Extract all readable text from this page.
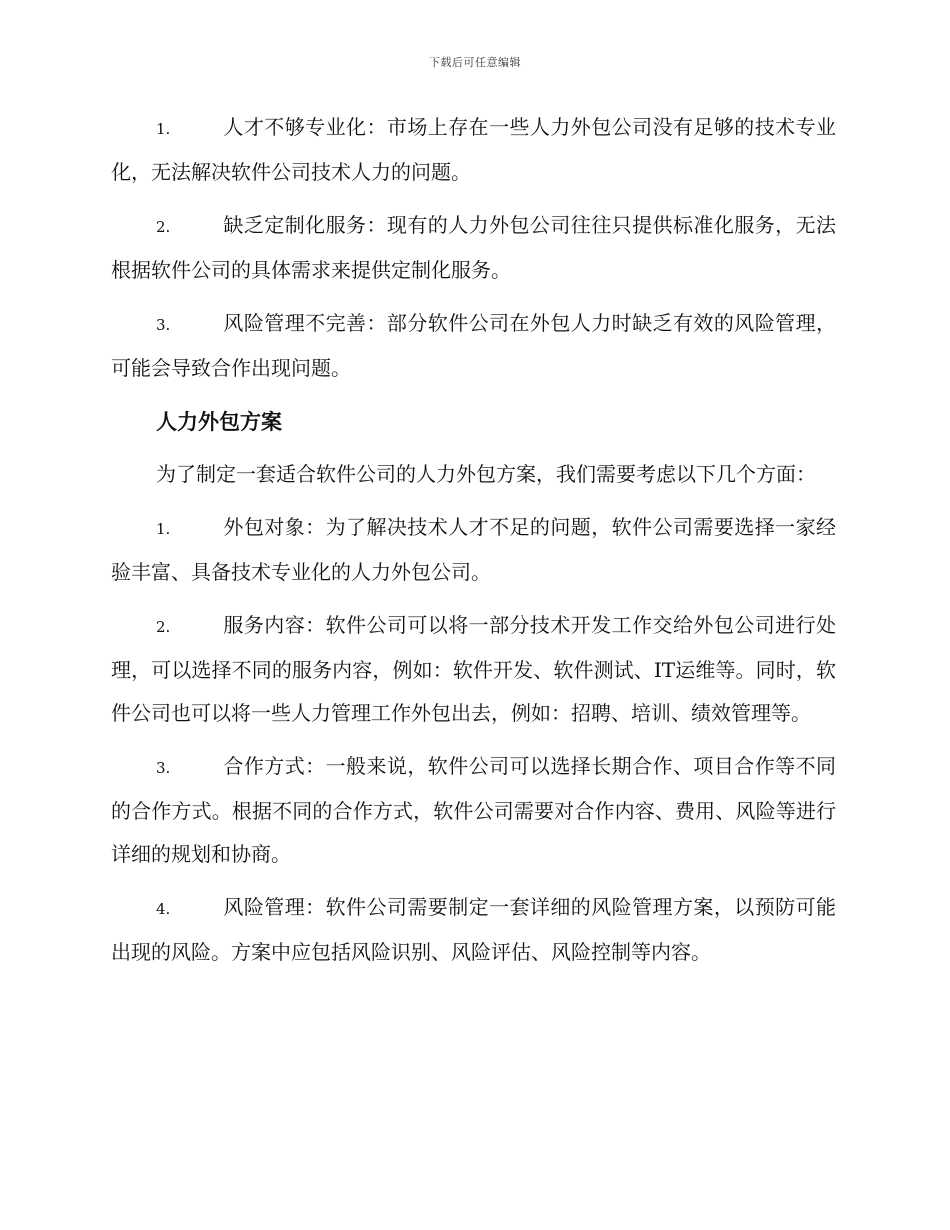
下载后可任意编辑

1.	人才不够专业化：市场上存在一些人力外包公司没有足够的技术专业化，无法解决软件公司技术人力的问题。

2.	缺乏定制化服务：现有的人力外包公司往往只提供标准化服务，无法根据软件公司的具体需求来提供定制化服务。

3.	风险管理不完善：部分软件公司在外包人力时缺乏有效的风险管理，可能会导致合作出现问题。

人力外包方案

为了制定一套适合软件公司的人力外包方案，我们需要考虑以下几个方面：

1.	外包对象：为了解决技术人才不足的问题，软件公司需要选择一家经验丰富、具备技术专业化的人力外包公司。

2.	服务内容：软件公司可以将一部分技术开发工作交给外包公司进行处理，可以选择不同的服务内容，例如：软件开发、软件测试、IT运维等。同时，软件公司也可以将一些人力管理工作外包出去，例如：招聘、培训、绩效管理等。

3.	合作方式：一般来说，软件公司可以选择长期合作、项目合作等不同的合作方式。根据不同的合作方式，软件公司需要对合作内容、费用、风险等进行详细的规划和协商。

4.	风险管理：软件公司需要制定一套详细的风险管理方案，以预防可能出现的风险。方案中应包括风险识别、风险评估、风险控制等内容。
